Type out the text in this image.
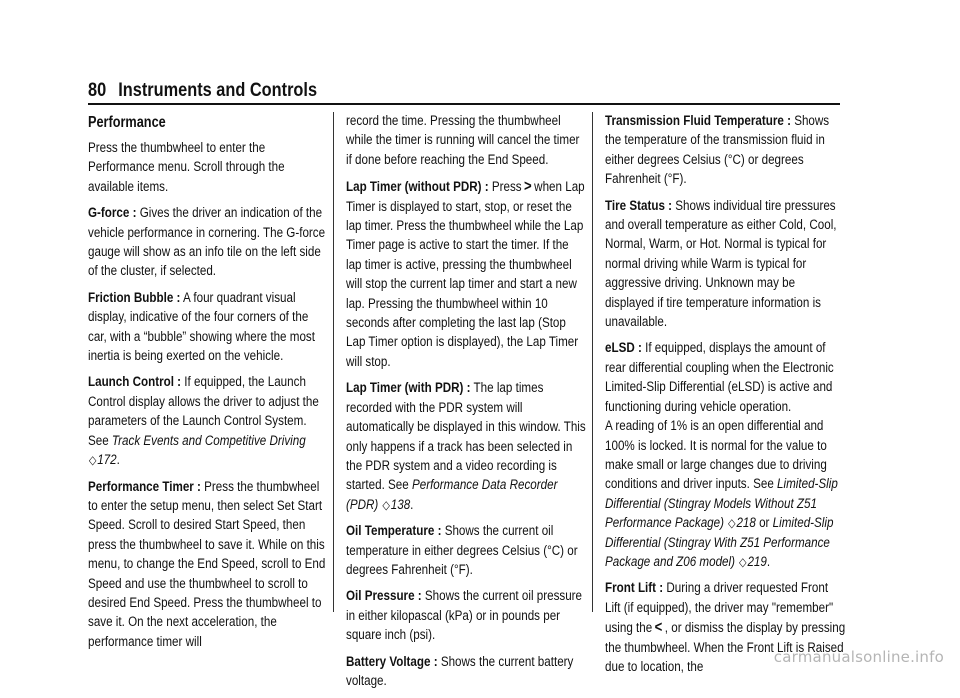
80 Instruments and Controls
Performance

Press the thumbwheel to enter the Performance menu. Scroll through the available items.

G-force : Gives the driver an indication of the vehicle performance in cornering. The G-force gauge will show as an info tile on the left side of the cluster, if selected.

Friction Bubble : A four quadrant visual display, indicative of the four corners of the car, with a “bubble” showing where the most inertia is being exerted on the vehicle.

Launch Control : If equipped, the Launch Control display allows the driver to adjust the parameters of the Launch Control System. See Track Events and Competitive Driving ◇172.

Performance Timer : Press the thumbwheel to enter the setup menu, then select Set Start Speed. Scroll to desired Start Speed, then press the thumbwheel to save it. While on this menu, to change the End Speed, scroll to End Speed and use the thumbwheel to scroll to desired End Speed. Press the thumbwheel to save it. On the next acceleration, the performance timer will

record the time. Pressing the thumbwheel while the timer is running will cancel the timer if done before reaching the End Speed.

Lap Timer (without PDR) : Press > when Lap Timer is displayed to start, stop, or reset the lap timer. Press the thumbwheel while the Lap Timer page is active to start the timer. If the lap timer is active, pressing the thumbwheel will stop the current lap timer and start a new lap. Pressing the thumbwheel within 10 seconds after completing the last lap (Stop Lap Timer option is displayed), the Lap Timer will stop.

Lap Timer (with PDR) : The lap times recorded with the PDR system will automatically be displayed in this window. This only happens if a track has been selected in the PDR system and a video recording is started. See Performance Data Recorder (PDR) ◇138.

Oil Temperature : Shows the current oil temperature in either degrees Celsius (°C) or degrees Fahrenheit (°F).

Oil Pressure : Shows the current oil pressure in either kilopascal (kPa) or in pounds per square inch (psi).

Battery Voltage : Shows the current battery voltage.

Transmission Fluid Temperature : Shows the temperature of the transmission fluid in either degrees Celsius (°C) or degrees Fahrenheit (°F).

Tire Status : Shows individual tire pressures and overall temperature as either Cold, Cool, Normal, Warm, or Hot. Normal is typical for normal driving while Warm is typical for aggressive driving. Unknown may be displayed if tire temperature information is unavailable.

eLSD : If equipped, displays the amount of rear differential coupling when the Electronic Limited-Slip Differential (eLSD) is active and functioning during vehicle operation.

A reading of 1% is an open differential and 100% is locked. It is normal for the value to make small or large changes due to driving conditions and driver inputs. See Limited-Slip Differential (Stingray Models Without Z51 Performance Package) ◇218 or Limited-Slip Differential (Stingray With Z51 Performance Package and Z06 model) ◇219.

Front Lift : During a driver requested Front Lift (if equipped), the driver may "remember" using the < , or dismiss the display by pressing the thumbwheel. When the Front Lift is Raised due to location, the

carmanualsonline.info
